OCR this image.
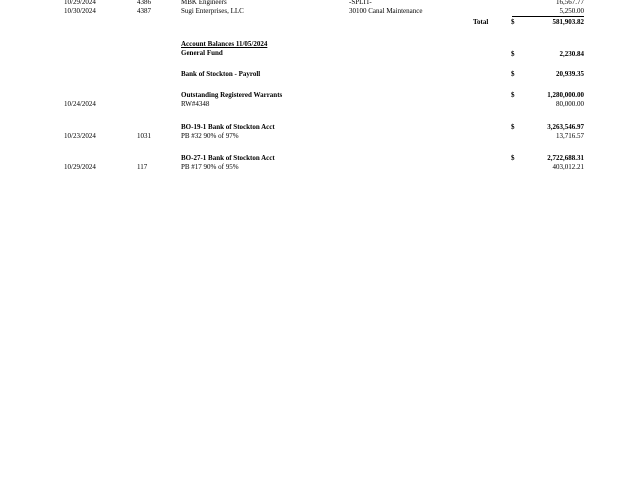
10/29/2024	4386	MBK Engineers	-SPLIT-	16,567.77
10/30/2024	4387	Sugi Enterprises, LLC	30100 Canal Maintenance	5,250.00
Total	$	581,903.82
Account Balances 11/05/2024
General Fund	$	2,230.84
Bank of Stockton - Payroll	$	20,939.35
Outstanding Registered Warrants	$	1,280,000.00
10/24/2024	RW#4348	80,000.00
BO-19-1 Bank of Stockton Acct	$	3,263,546.97
10/23/2024	1031	PB #32 90% of 97%	13,716.57
BO-27-1 Bank of Stockton Acct	$	2,722,688.31
10/29/2024	117	PB #17 90% of 95%	403,012.21
